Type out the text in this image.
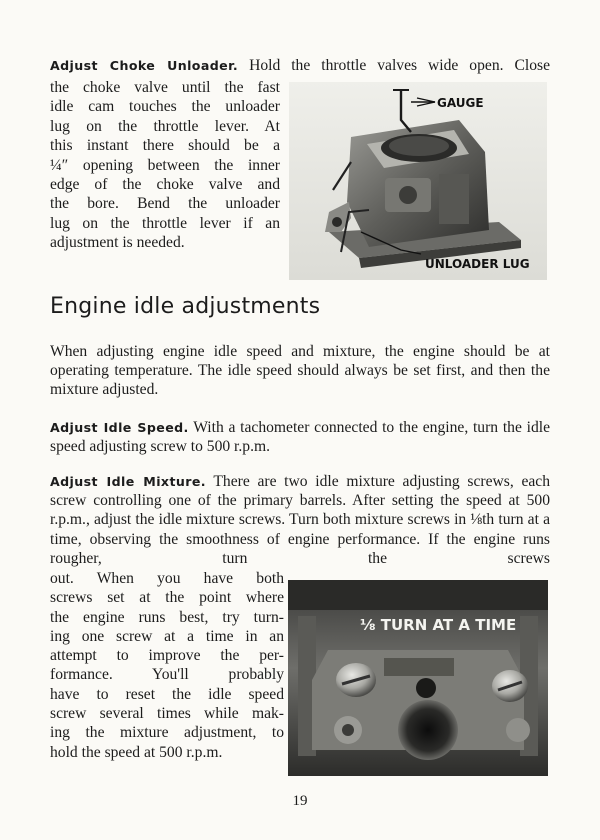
Adjust Choke Unloader. Hold the throttle valves wide open. Close

the choke valve until the fast
idle cam touches the unloader
lug on the throttle lever. At
this instant there should be a
¼″ opening between the inner
edge of the choke valve and
the bore. Bend the unloader
lug on the throttle lever if an
adjustment is needed.
GAUGE
UNLOADER LUG
Engine idle adjustments

When adjusting engine idle speed and mixture, the engine should be at operating temperature. The idle speed should always be set first, and then the mixture adjusted.

Adjust Idle Speed. With a tachometer connected to the engine, turn the idle speed adjusting screw to 500 r.p.m.

Adjust Idle Mixture. There are two idle mixture adjusting screws, each screw controlling one of the primary barrels. After setting the speed at 500 r.p.m., adjust the idle mixture screws. Turn both mixture screws in ⅛th turn at a time, observing the smoothness of engine performance. If the engine runs rougher, turn the screws

out. When you have both
screws set at the point where
the engine runs best, try turn-
ing one screw at a time in an
attempt to improve the per-
formance. You'll probably
have to reset the idle speed
screw several times while mak-
ing the mixture adjustment, to
hold the speed at 500 r.p.m.
⅛ TURN AT A TIME
19
